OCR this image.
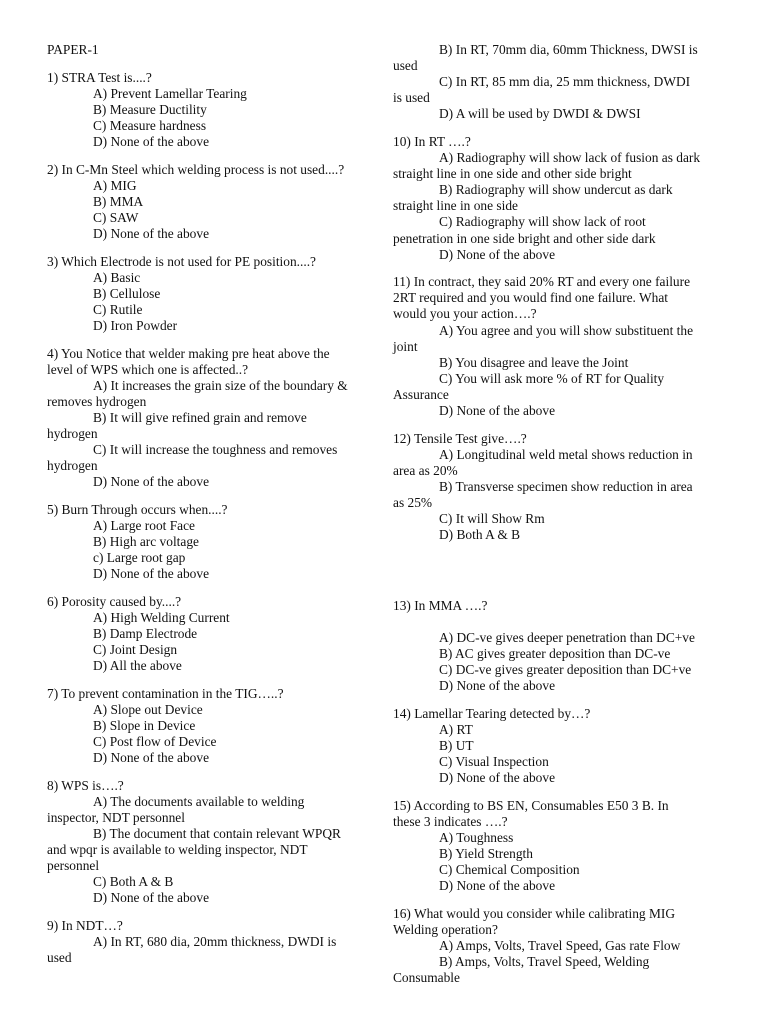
PAPER-1
1) STRA Test is....?
A) Prevent Lamellar Tearing
B) Measure Ductility
C) Measure hardness
D) None of the above
2) In C-Mn Steel which welding process is not used....?
A) MIG
B) MMA
C) SAW
D) None of the above
3) Which Electrode is not used for PE position....?
A) Basic
B) Cellulose
C) Rutile
D) Iron Powder
4) You Notice that welder making pre heat above the
level of WPS which one is affected..?
A) It increases the grain size of the boundary &
removes hydrogen
B) It will give refined grain and remove
hydrogen
C) It will increase the toughness and removes
hydrogen
D) None of the above
5) Burn Through occurs when....?
A) Large root Face
B) High arc voltage
c) Large root gap
D) None of the above
6) Porosity caused by....?
A) High Welding Current
B) Damp Electrode
C) Joint Design
D) All the above
7) To prevent contamination in the TIG…..?
A) Slope out Device
B) Slope in Device
C) Post flow of Device
D) None of the above
8) WPS is….?
A) The documents available to welding
inspector, NDT personnel
B) The document that contain relevant WPQR
and wpqr is available to welding inspector, NDT
personnel
C) Both A & B
D) None of the above
9) In NDT…?
A) In RT, 680 dia, 20mm thickness, DWDI is
used
B) In RT, 70mm dia, 60mm Thickness, DWSI is
used
C) In RT, 85 mm dia, 25 mm thickness, DWDI
is used
D) A will be used by DWDI & DWSI
10) In RT ….?
A) Radiography will show lack of fusion as dark
straight line in one side and other side bright
B) Radiography will show undercut as dark
straight line in one side
C) Radiography will show lack of root
penetration in one side bright and other side dark
D) None of the above
11) In contract, they said 20% RT and every one failure
2RT required and you would find one failure. What
would you your action….?
A) You agree and you will show substituent the
joint
B) You disagree and leave the Joint
C) You will ask more % of RT for Quality
Assurance
D) None of the above
12) Tensile Test give….?
A) Longitudinal weld metal shows reduction in
area as 20%
B) Transverse specimen show reduction in area
as 25%
C) It will Show Rm
D) Both A & B
13) In MMA ….?
A) DC-ve gives deeper penetration than DC+ve
B) AC gives greater deposition than DC-ve
C) DC-ve gives greater deposition than DC+ve
D) None of the above
14) Lamellar Tearing detected by…?
A) RT
B) UT
C) Visual Inspection
D) None of the above
15) According to BS EN, Consumables E50 3 B. In
these 3 indicates ….?
A) Toughness
B) Yield Strength
C) Chemical Composition
D) None of the above
16) What would you consider while calibrating MIG
Welding operation?
A) Amps, Volts, Travel Speed, Gas rate Flow
B) Amps, Volts, Travel Speed, Welding
Consumable
